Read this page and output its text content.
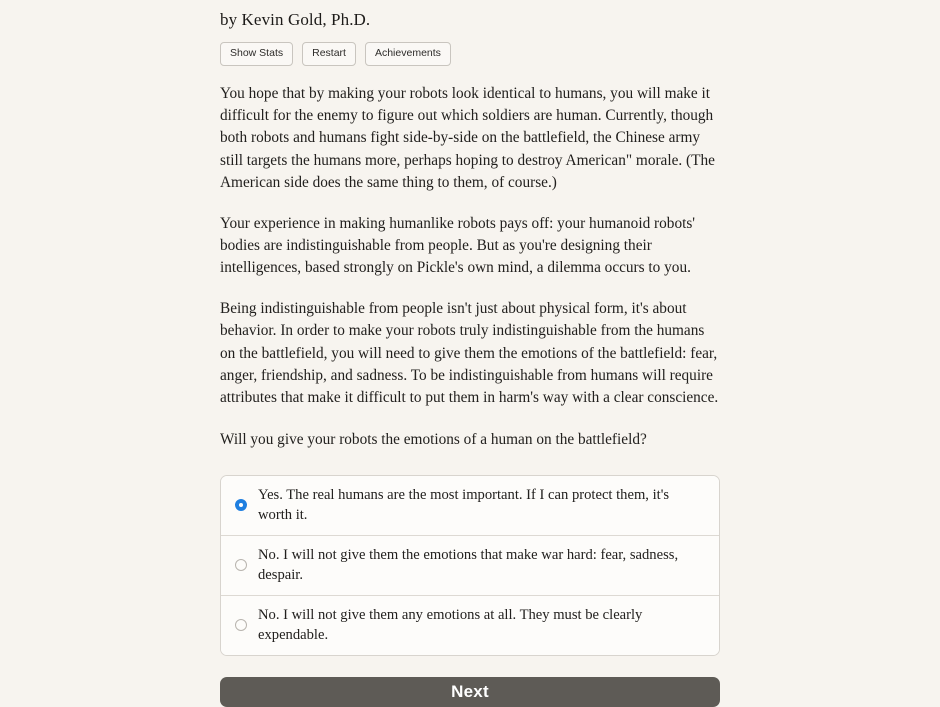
by Kevin Gold, Ph.D.
Show Stats	Restart	Achievements

You hope that by making your robots look identical to humans, you will make it difficult for the enemy to figure out which soldiers are human. Currently, though both robots and humans fight side-by-side on the battlefield, the Chinese army still targets the humans more, perhaps hoping to destroy American" morale. (The American side does the same thing to them, of course.)

Your experience in making humanlike robots pays off: your humanoid robots' bodies are indistinguishable from people. But as you're designing their intelligences, based strongly on Pickle's own mind, a dilemma occurs to you.

Being indistinguishable from people isn't just about physical form, it's about behavior. In order to make your robots truly indistinguishable from the humans on the battlefield, you will need to give them the emotions of the battlefield: fear, anger, friendship, and sadness. To be indistinguishable from humans will require attributes that make it difficult to put them in harm's way with a clear conscience.

Will you give your robots the emotions of a human on the battlefield?
Yes. The real humans are the most important. If I can protect them, it's worth it.
No. I will not give them the emotions that make war hard: fear, sadness, despair.
No. I will not give them any emotions at all. They must be clearly expendable.
Next
